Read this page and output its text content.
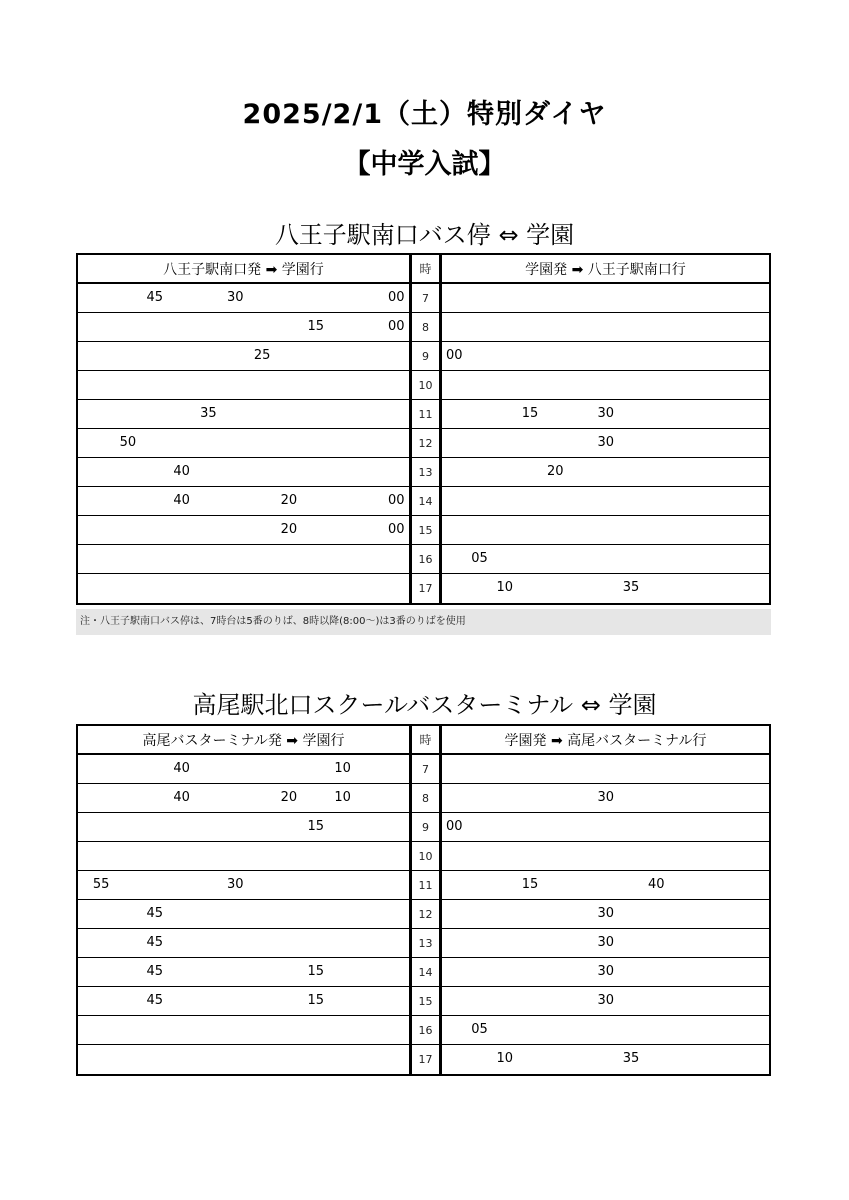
2025/2/1（土）特別ダイヤ
【中学入試】
八王子駅南口バス停 ⇔ 学園
八王子駅南口発 ➡ 学園行	時	学園発 ➡ 八王子駅南口行
45	30	00	7
15	00	8
25	9	00
10
35	11	15	30
50	12	30
40	13	20
40	20	00	14
20	00	15
16	05
17	10	35
注・八王子駅南口バス停は、7時台は5番のりば、8時以降(8:00～)は3番のりばを使用
高尾駅北口スクールバスターミナル ⇔ 学園
高尾バスターミナル発 ➡ 学園行	時	学園発 ➡ 高尾バスターミナル行
40	10	7
40	20	10	8	30
15	9	00
10
55	30	11	15	40
45	12	30
45	13	30
45	15	14	30
45	15	15	30
16	05
17	10	35
